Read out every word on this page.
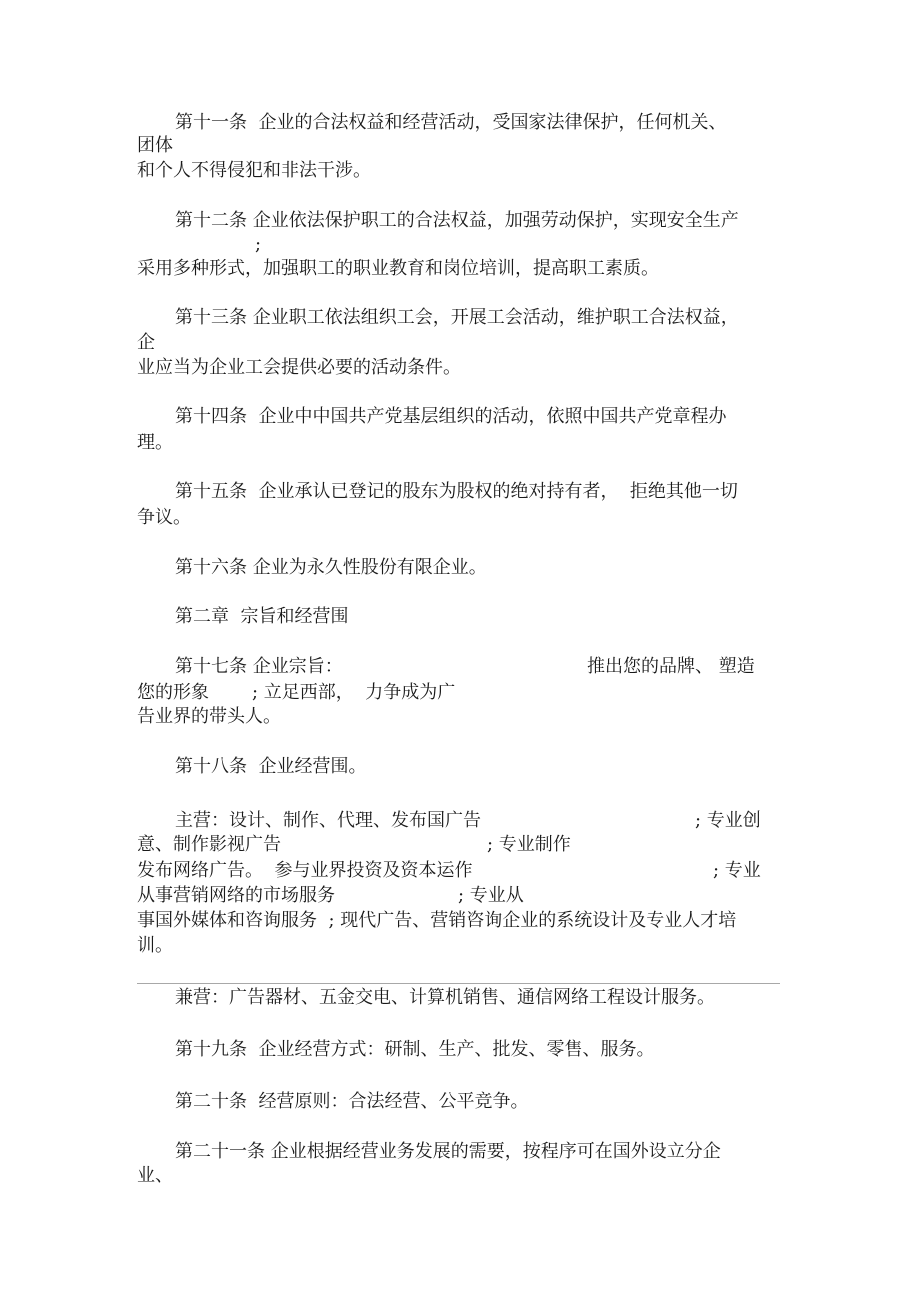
第十一条  企业的合法权益和经营活动，受国家法律保护，任何机关、

团体

和个人不得侵犯和非法干涉。

第十二条 企业依法保护职工的合法权益，加强劳动保护，实现安全生产

;

采用多种形式，加强职工的职业教育和岗位培训，提高职工素质。

第十三条 企业职工依法组织工会，开展工会活动，维护职工合法权益，

企

业应当为企业工会提供必要的活动条件。

第十四条  企业中中国共产党基层组织的活动，依照中国共产党章程办

理。

第十五条  企业承认已登记的股东为股权的绝对持有者，  拒绝其他一切

争议。

第十六条 企业为永久性股份有限企业。

第二章  宗旨和经营围

第十七条 企业宗旨：	推出您的品牌、 塑造

您的形象 ; 立足西部，  力争成为广

告业界的带头人。

第十八条  企业经营围。

主营：设计、制作、代理、发布国广告	; 专业创

意、制作影视广告	; 专业制作

发布网络广告。  参与业界投资及资本运作	; 专业

从事营销网络的市场服务	; 专业从

事国外媒体和咨询服务  ; 现代广告、营销咨询企业的系统设计及专业人才培

训。

兼营：广告器材、五金交电、计算机销售、通信网络工程设计服务。

第十九条  企业经营方式：研制、生产、批发、零售、服务。

第二十条  经营原则：合法经营、公平竞争。

第二十一条 企业根据经营业务发展的需要，按程序可在国外设立分企

业、
